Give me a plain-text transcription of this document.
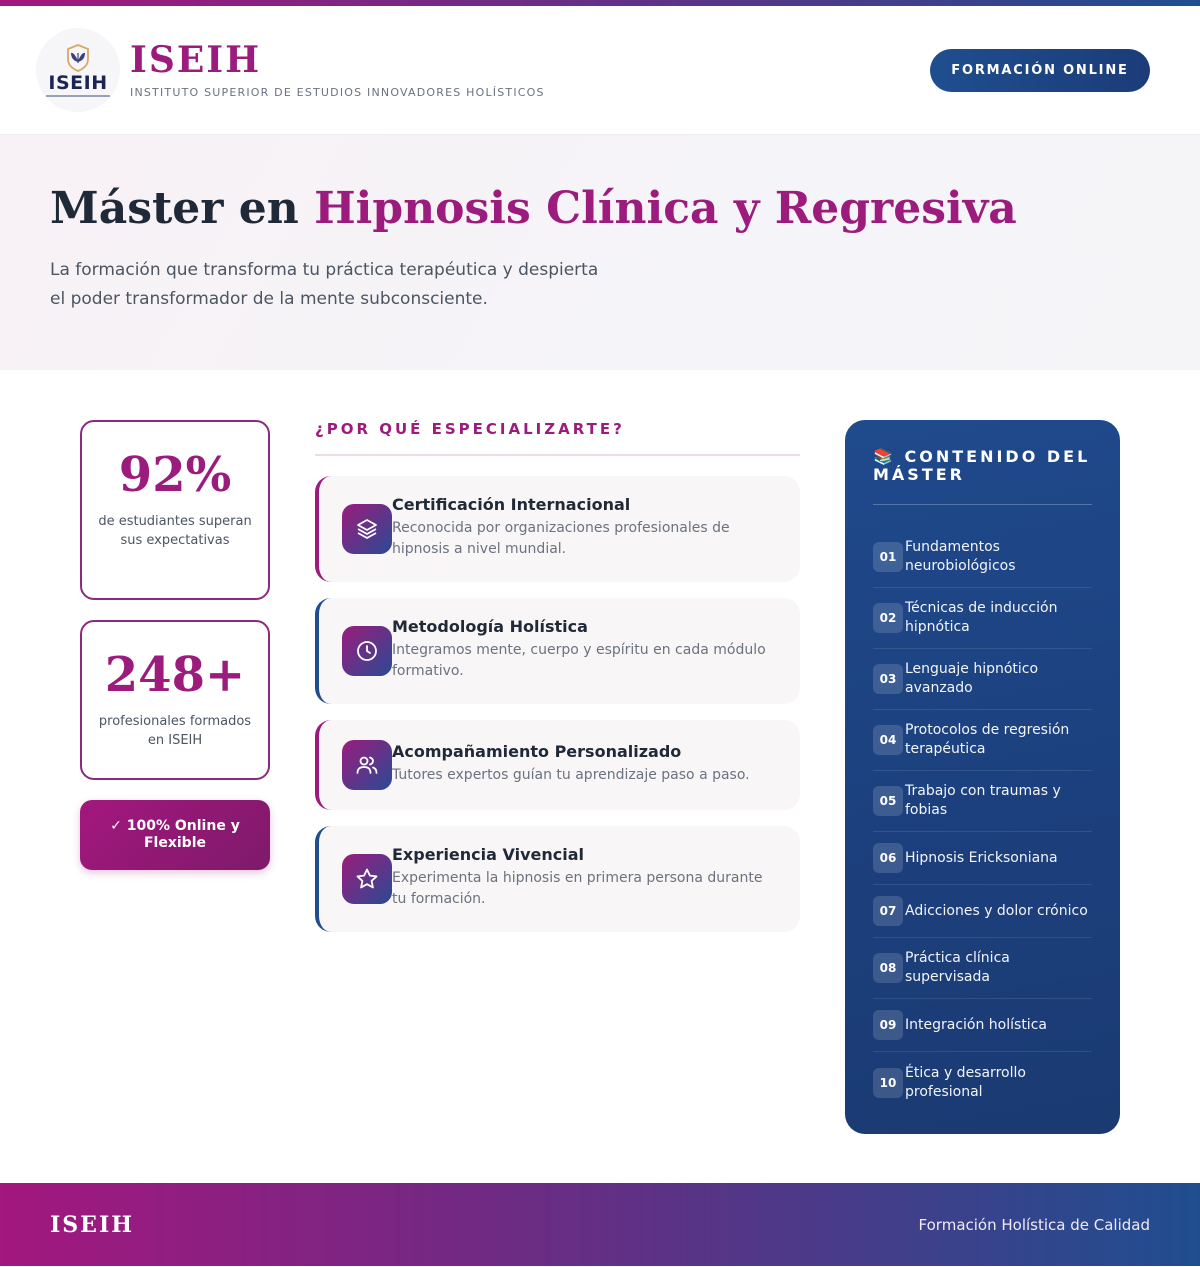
ISEIH
ISEIH
INSTITUTO SUPERIOR DE ESTUDIOS INNOVADORES HOLÍSTICOS
FORMACIÓN ONLINE
Máster en Hipnosis Clínica y Regresiva

La formación que transforma tu práctica terapéutica y despierta
el poder transformador de la mente subconsciente.

92%
de estudiantes superan sus expectativas
248+
profesionales formados en ISEIH
✓ 100% Online y Flexible
¿POR QUÉ ESPECIALIZARTE?
Certificación Internacional
Reconocida por organizaciones profesionales de hipnosis a nivel mundial.
Metodología Holística
Integramos mente, cuerpo y espíritu en cada módulo formativo.
Acompañamiento Personalizado
Tutores expertos guían tu aprendizaje paso a paso.
Experiencia Vivencial
Experimenta la hipnosis en primera persona durante tu formación.
📚 CONTENIDO DEL MÁSTER
01
Fundamentos neurobiológicos
02
Técnicas de inducción hipnótica
03
Lenguaje hipnótico avanzado
04
Protocolos de regresión terapéutica
05
Trabajo con traumas y fobias
06 Hipnosis Ericksoniana
07 Adicciones y dolor crónico
08
Práctica clínica supervisada
09 Integración holística
10
Ética y desarrollo profesional
ISEIH	Formación Holística de Calidad
